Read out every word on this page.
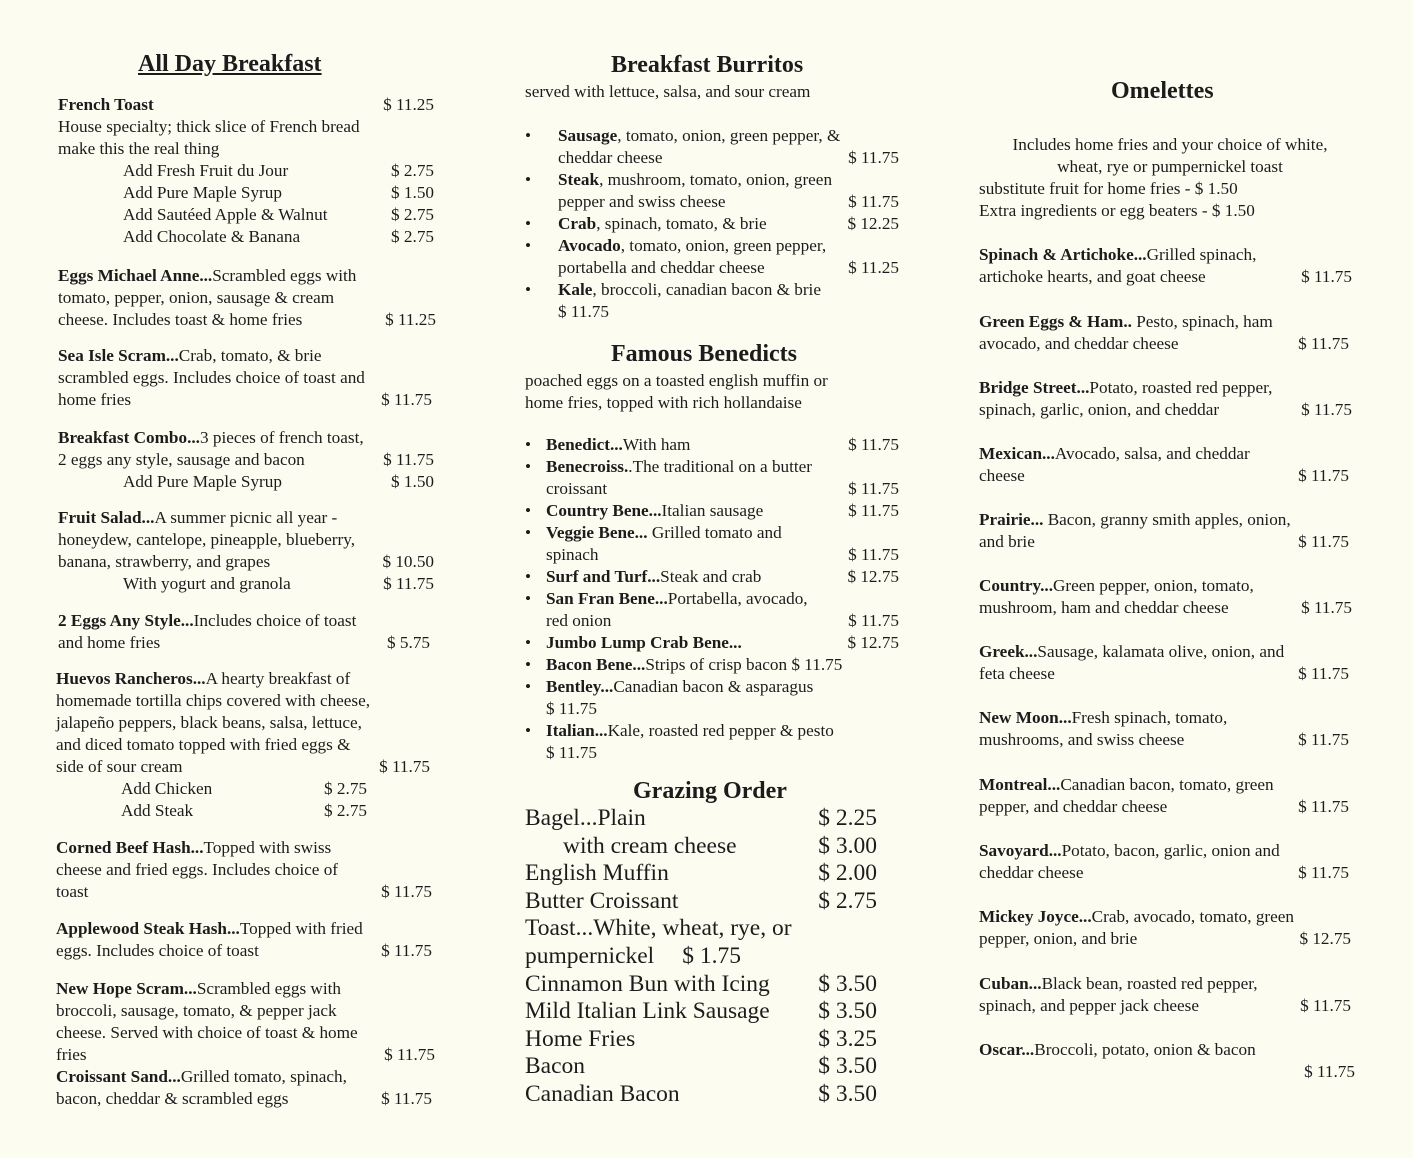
All Day Breakfast
French Toast	$ 11.25
House specialty; thick slice of French bread
make this the real thing
Add Fresh Fruit du Jour	$ 2.75
Add Pure Maple Syrup	$ 1.50
Add Sautéed Apple & Walnut	$ 2.75
Add Chocolate & Banana	$ 2.75
Eggs Michael Anne...Scrambled eggs with
tomato, pepper, onion, sausage & cream
cheese. Includes toast & home fries	$ 11.25
Sea Isle Scram...Crab, tomato, & brie
scrambled eggs. Includes choice of toast and
home fries	$ 11.75
Breakfast Combo...3 pieces of french toast,
2 eggs any style, sausage and bacon	$ 11.75
Add Pure Maple Syrup	$ 1.50
Fruit Salad...A summer picnic all year -
honeydew, cantelope, pineapple, blueberry,
banana, strawberry, and grapes	$ 10.50
With yogurt and granola	$ 11.75
2 Eggs Any Style...Includes choice of toast
and home fries	$ 5.75
Huevos Rancheros...A hearty breakfast of
homemade tortilla chips covered with cheese,
jalapeño peppers, black beans, salsa, lettuce,
and diced tomato topped with fried eggs &
side of sour cream	$ 11.75
Add Chicken	$ 2.75
Add Steak	$ 2.75
Corned Beef Hash...Topped with swiss
cheese and fried eggs. Includes choice of
toast	$ 11.75
Applewood Steak Hash...Topped with fried
eggs. Includes choice of toast	$ 11.75
New Hope Scram...Scrambled eggs with
broccoli, sausage, tomato, & pepper jack
cheese. Served with choice of toast & home
fries	$ 11.75
Croissant Sand...Grilled tomato, spinach,
bacon, cheddar & scrambled eggs	$ 11.75
Breakfast Burritos
served with lettuce, salsa, and sour cream
• Sausage, tomato, onion, green pepper, &
cheddar cheese	$ 11.75
• Steak, mushroom, tomato, onion, green
pepper and swiss cheese	$ 11.75
• Crab, spinach, tomato, & brie	$ 12.25
• Avocado, tomato, onion, green pepper,
portabella and cheddar cheese	$ 11.25
• Kale, broccoli, canadian bacon & brie
$ 11.75
Famous Benedicts
poached eggs on a toasted english muffin or
home fries, topped with rich hollandaise
• Benedict...With ham	$ 11.75
• Benecroiss..The traditional on a butter
croissant	$ 11.75
• Country Bene...Italian sausage	$ 11.75
• Veggie Bene... Grilled tomato and
spinach	$ 11.75
• Surf and Turf...Steak and crab	$ 12.75
• San Fran Bene...Portabella, avocado,
red onion	$ 11.75
• Jumbo Lump Crab Bene...	$ 12.75
• Bacon Bene...Strips of crisp bacon $ 11.75
• Bentley...Canadian bacon & asparagus
$ 11.75
• Italian...Kale, roasted red pepper & pesto
$ 11.75
Grazing Order
Bagel...Plain	$ 2.25
with cream cheese	$ 3.00
English Muffin	$ 2.00
Butter Croissant	$ 2.75
Toast...White, wheat, rye, or
pumpernickel $ 1.75
Cinnamon Bun with Icing $ 3.50
Mild Italian Link Sausage $ 3.50
Home Fries	$ 3.25
Bacon	$ 3.50
Canadian Bacon	$ 3.50
Omelettes
Includes home fries and your choice of white,
wheat, rye or pumpernickel toast
substitute fruit for home fries - $ 1.50
Extra ingredients or egg beaters - $ 1.50
Spinach & Artichoke...Grilled spinach,
artichoke hearts, and goat cheese	$ 11.75
Green Eggs & Ham.. Pesto, spinach, ham
avocado, and cheddar cheese	$ 11.75
Bridge Street...Potato, roasted red pepper,
spinach, garlic, onion, and cheddar	$ 11.75
Mexican...Avocado, salsa, and cheddar
cheese	$ 11.75
Prairie... Bacon, granny smith apples, onion,
and brie	$ 11.75
Country...Green pepper, onion, tomato,
mushroom, ham and cheddar cheese	$ 11.75
Greek...Sausage, kalamata olive, onion, and
feta cheese	$ 11.75
New Moon...Fresh spinach, tomato,
mushrooms, and swiss cheese	$ 11.75
Montreal...Canadian bacon, tomato, green
pepper, and cheddar cheese	$ 11.75
Savoyard...Potato, bacon, garlic, onion and
cheddar cheese	$ 11.75
Mickey Joyce...Crab, avocado, tomato, green
pepper, onion, and brie	$ 12.75
Cuban...Black bean, roasted red pepper,
spinach, and pepper jack cheese	$ 11.75
Oscar...Broccoli, potato, onion & bacon
$ 11.75
